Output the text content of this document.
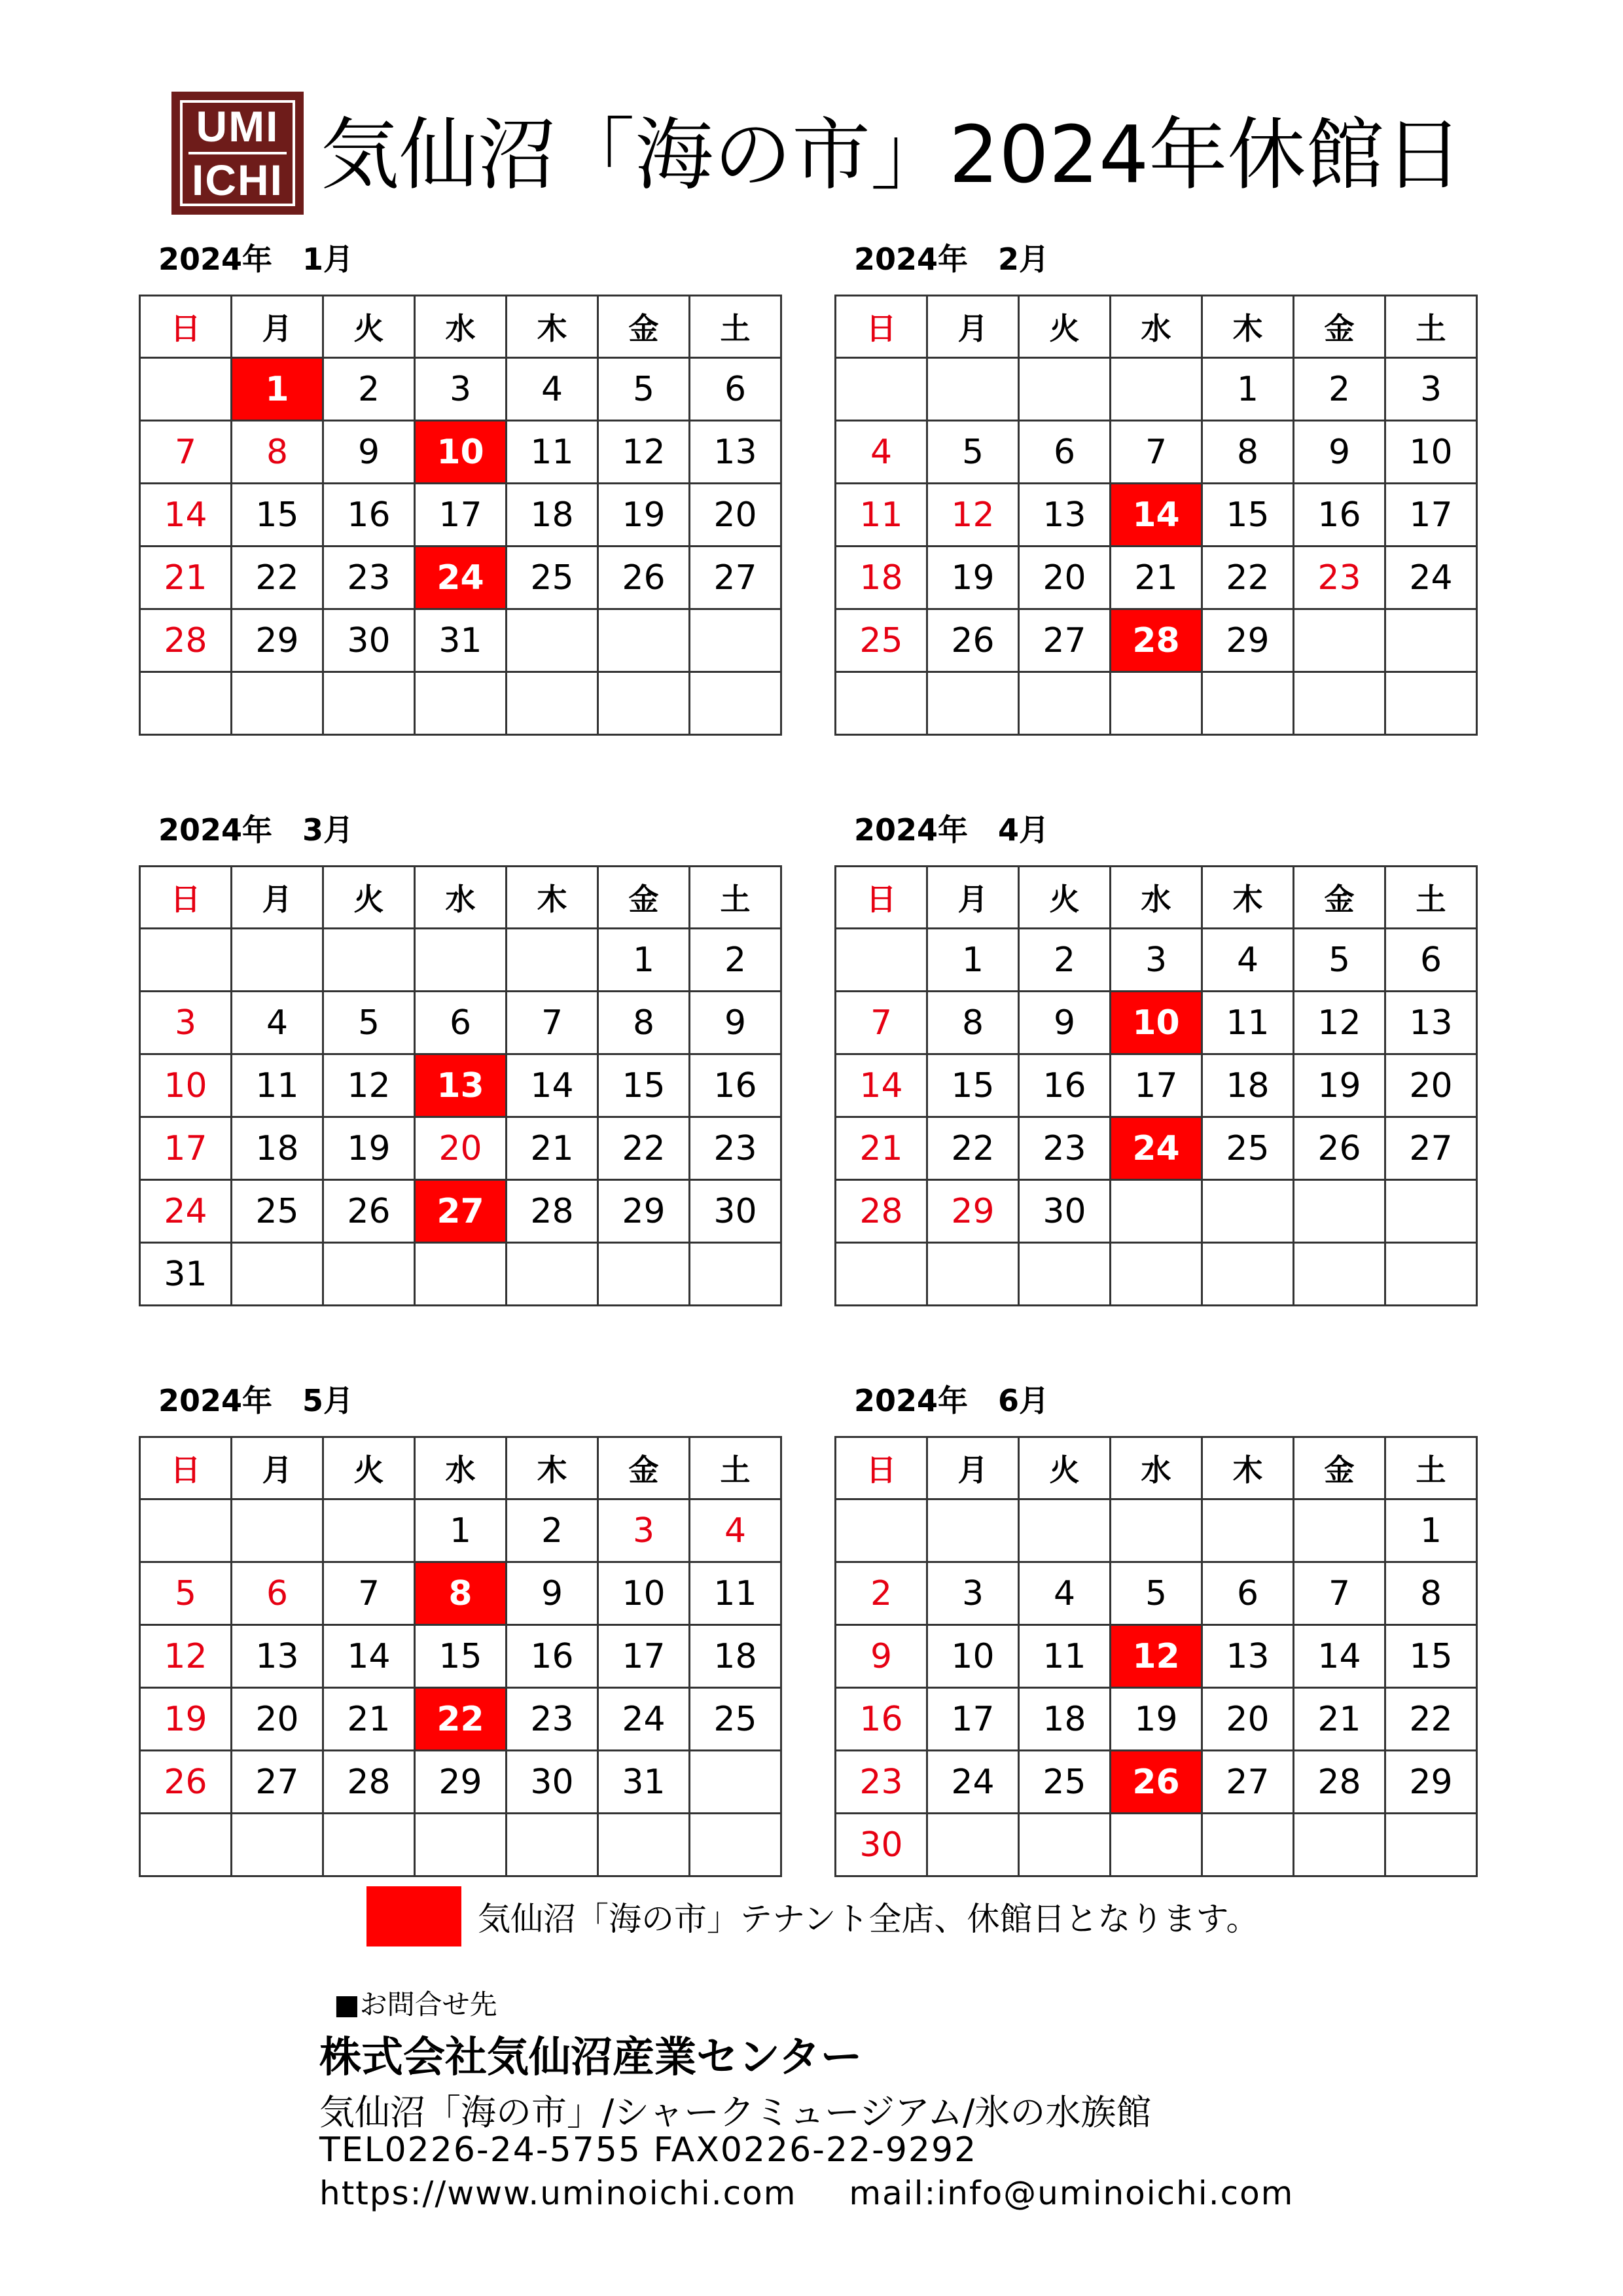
UMI
ICHI 気仙沼「海の市」2024年休館日
2024年　1月
日	月	火	水	木	金	土
	1	2	3	4	5	6
7	8	9	10	11	12	13
14	15	16	17	18	19	20
21	22	23	24	25	26	27
28	29	30	31			

2024年　2月
日	月	火	水	木	金	土
				1	2	3
4	5	6	7	8	9	10
11	12	13	14	15	16	17
18	19	20	21	22	23	24
25	26	27	28	29		

2024年　3月
日	月	火	水	木	金	土
					1	2
3	4	5	6	7	8	9
10	11	12	13	14	15	16
17	18	19	20	21	22	23
24	25	26	27	28	29	30
31						
2024年　4月
日	月	火	水	木	金	土
	1	2	3	4	5	6
7	8	9	10	11	12	13
14	15	16	17	18	19	20
21	22	23	24	25	26	27
28	29	30				

2024年　5月
日	月	火	水	木	金	土
			1	2	3	4
5	6	7	8	9	10	11
12	13	14	15	16	17	18
19	20	21	22	23	24	25
26	27	28	29	30	31	

2024年　6月
日	月	火	水	木	金	土
						1
2	3	4	5	6	7	8
9	10	11	12	13	14	15
16	17	18	19	20	21	22
23	24	25	26	27	28	29
30						
気仙沼「海の市」テナント全店、休館日となります。
■お問合せ先
株式会社気仙沼産業センター
気仙沼「海の市」/シャークミュージアム/氷の水族館
TEL0226-24-5755 FAX0226-22-9292
https://www.uminoichi.com mail:info@uminoichi.com
